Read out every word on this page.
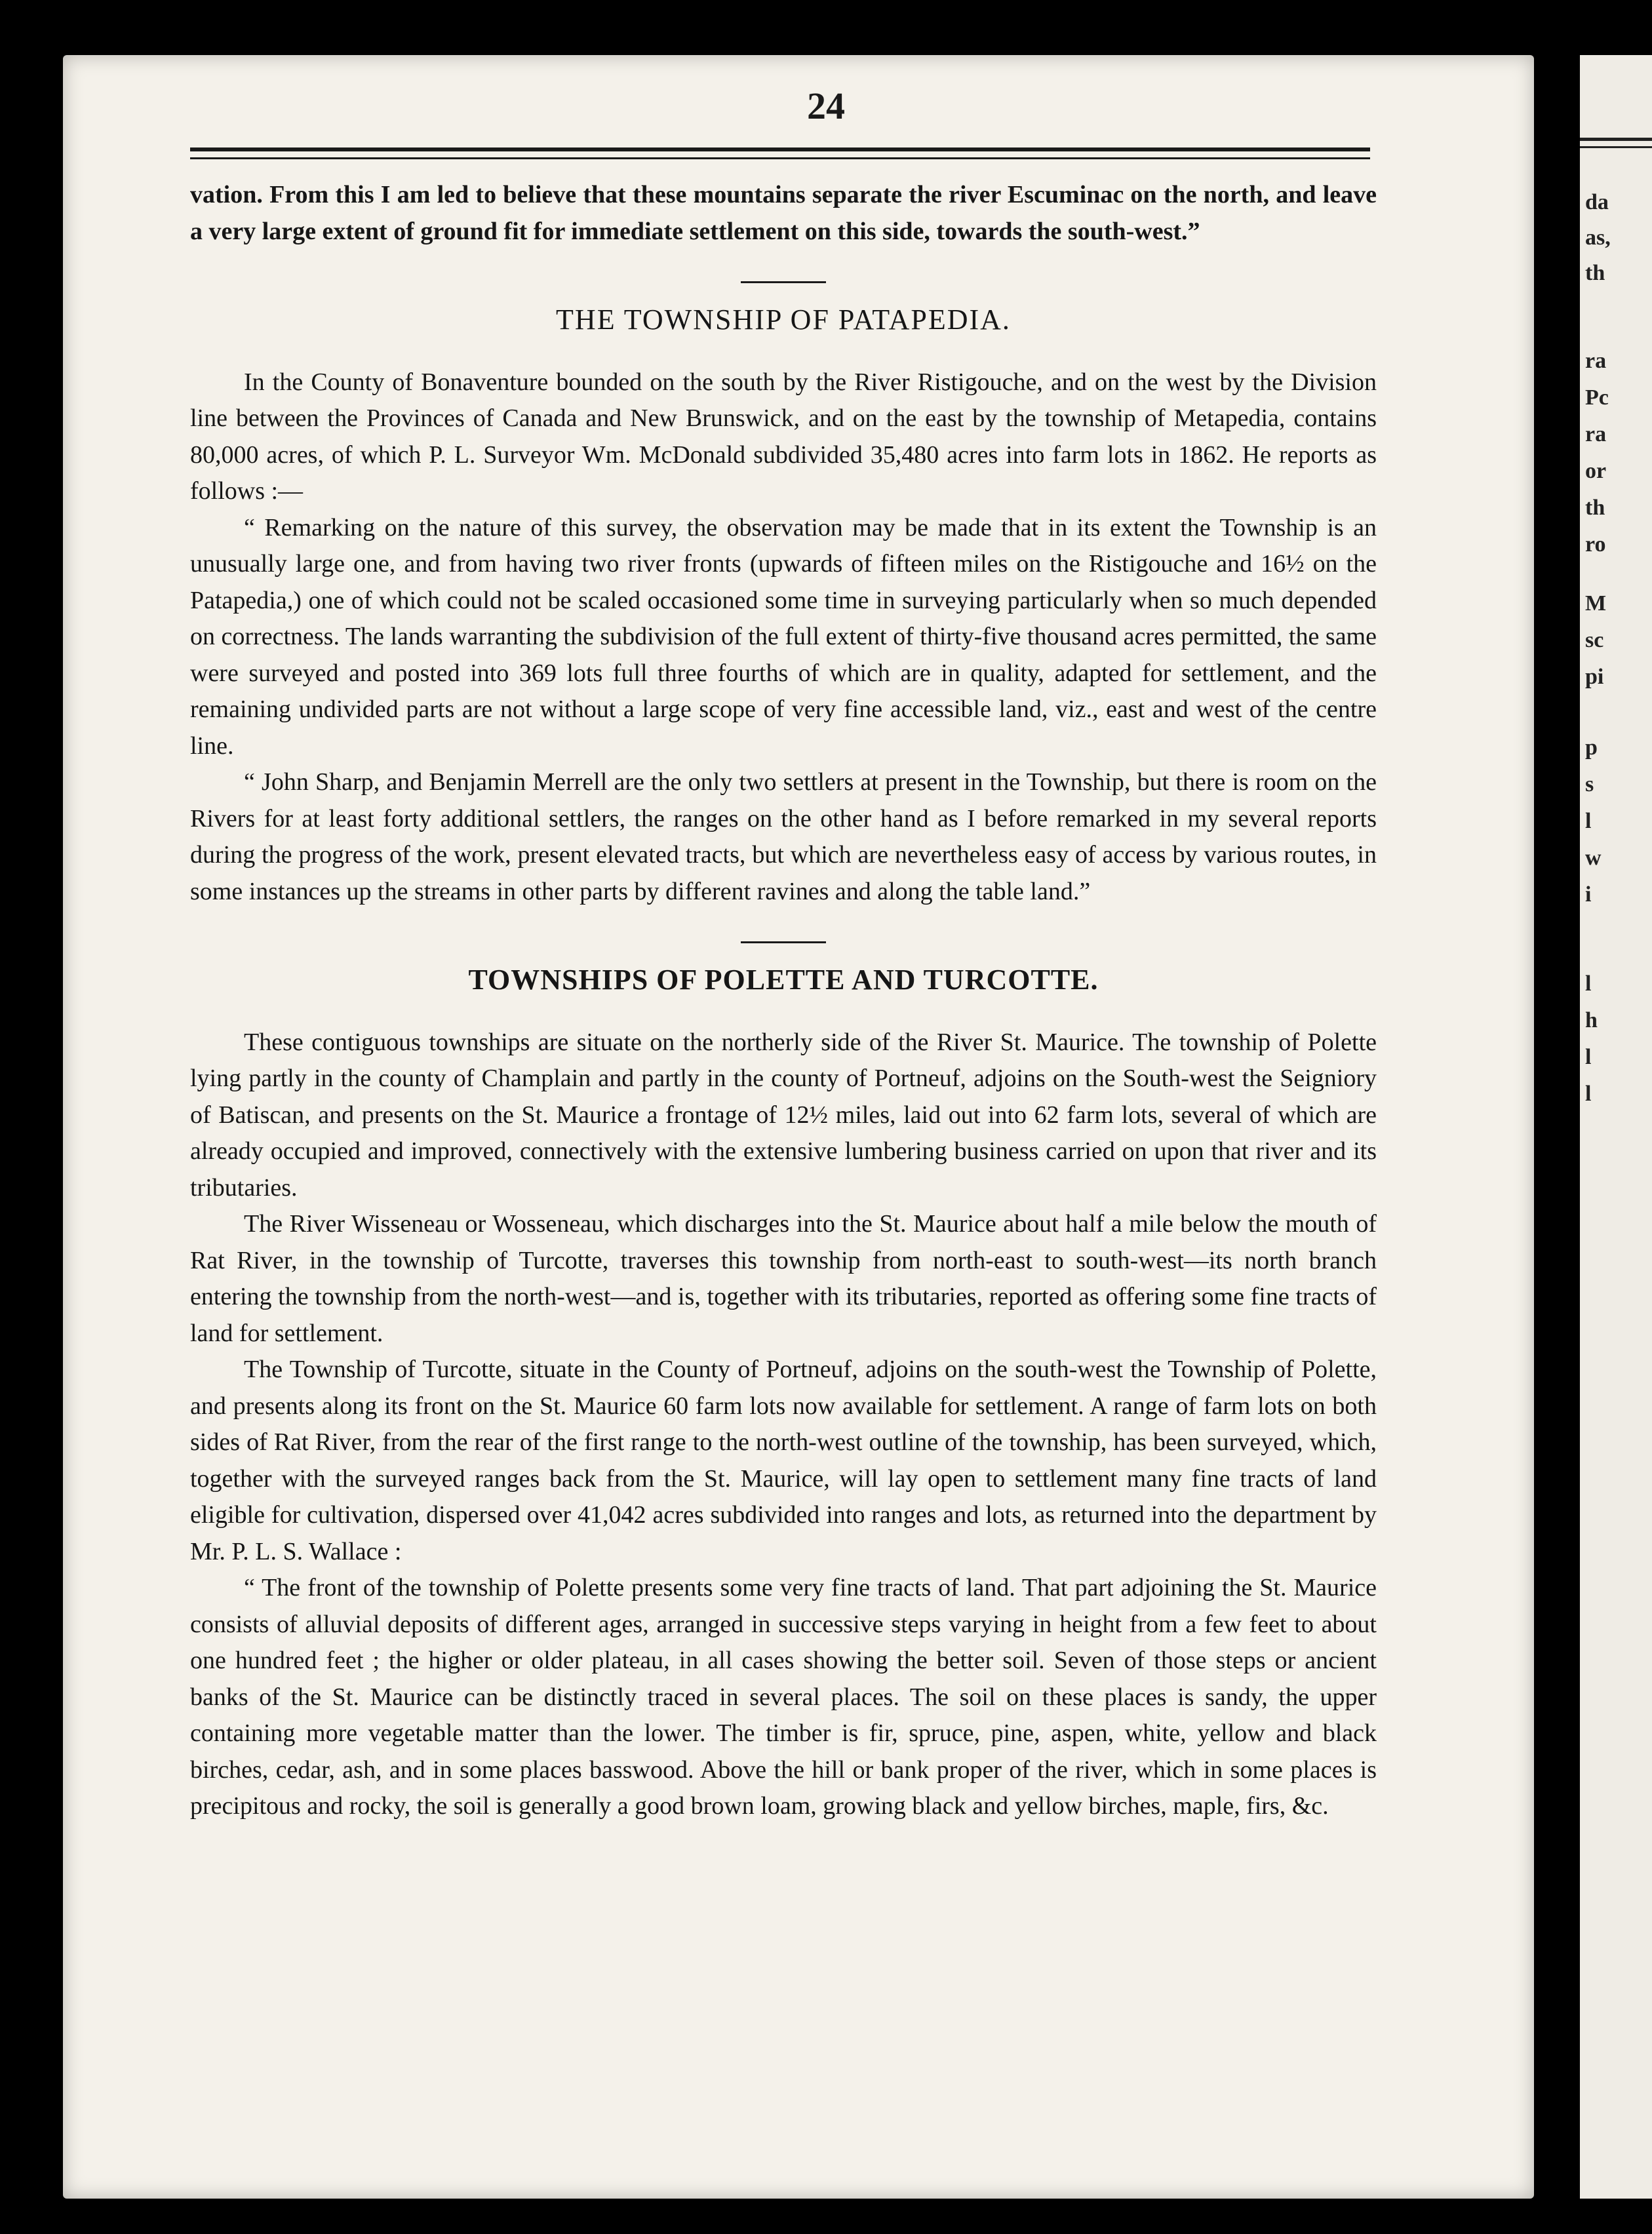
da
as,
th
ra
Pc
ra
or
th
ro
M
sc
pi
p
s
l
w
i
l
h
l
l
24

vation. From this I am led to believe that these mountains separate the river Escuminac on the north, and leave a very large extent of ground fit for immediate settlement on this side, towards the south-west.”

THE TOWNSHIP OF PATAPEDIA.

In the County of Bonaventure bounded on the south by the River Ristigouche, and on the west by the Division line between the Provinces of Canada and New Brunswick, and on the east by the township of Metapedia, contains 80,000 acres, of which P. L. Surveyor Wm. McDonald subdivided 35,480 acres into farm lots in 1862. He reports as follows :—

“ Remarking on the nature of this survey, the observation may be made that in its extent the Township is an unusually large one, and from having two river fronts (upwards of fifteen miles on the Ristigouche and 16½ on the Patapedia,) one of which could not be scaled occasioned some time in surveying particularly when so much depended on correctness. The lands warranting the subdivision of the full extent of thirty-five thousand acres permitted, the same were surveyed and posted into 369 lots full three fourths of which are in quality, adapted for settlement, and the remaining undivided parts are not without a large scope of very fine accessible land, viz., east and west of the centre line.

“ John Sharp, and Benjamin Merrell are the only two settlers at present in the Township, but there is room on the Rivers for at least forty additional settlers, the ranges on the other hand as I before remarked in my several reports during the progress of the work, present elevated tracts, but which are nevertheless easy of access by various routes, in some instances up the streams in other parts by different ravines and along the table land.”

TOWNSHIPS OF POLETTE AND TURCOTTE.

These contiguous townships are situate on the northerly side of the River St. Maurice. The township of Polette lying partly in the county of Champlain and partly in the county of Portneuf, adjoins on the South-west the Seigniory of Batiscan, and presents on the St. Maurice a frontage of 12½ miles, laid out into 62 farm lots, several of which are already occupied and improved, connectively with the extensive lumbering business carried on upon that river and its tributaries.

The River Wisseneau or Wosseneau, which discharges into the St. Maurice about half a mile below the mouth of Rat River, in the township of Turcotte, traverses this township from north-east to south-west—its north branch entering the township from the north-west—and is, together with its tributaries, reported as offering some fine tracts of land for settlement.

The Township of Turcotte, situate in the County of Portneuf, adjoins on the south-west the Township of Polette, and presents along its front on the St. Maurice 60 farm lots now available for settlement. A range of farm lots on both sides of Rat River, from the rear of the first range to the north-west outline of the township, has been surveyed, which, together with the surveyed ranges back from the St. Maurice, will lay open to settlement many fine tracts of land eligible for cultivation, dispersed over 41,042 acres subdivided into ranges and lots, as returned into the department by Mr. P. L. S. Wallace :

“ The front of the township of Polette presents some very fine tracts of land. That part adjoining the St. Maurice consists of alluvial deposits of different ages, arranged in successive steps varying in height from a few feet to about one hundred feet ; the higher or older plateau, in all cases showing the better soil. Seven of those steps or ancient banks of the St. Maurice can be distinctly traced in several places. The soil on these places is sandy, the upper containing more vegetable matter than the lower. The timber is fir, spruce, pine, aspen, white, yellow and black birches, cedar, ash, and in some places basswood. Above the hill or bank proper of the river, which in some places is precipitous and rocky, the soil is generally a good brown loam, growing black and yellow birches, maple, firs, &c.
